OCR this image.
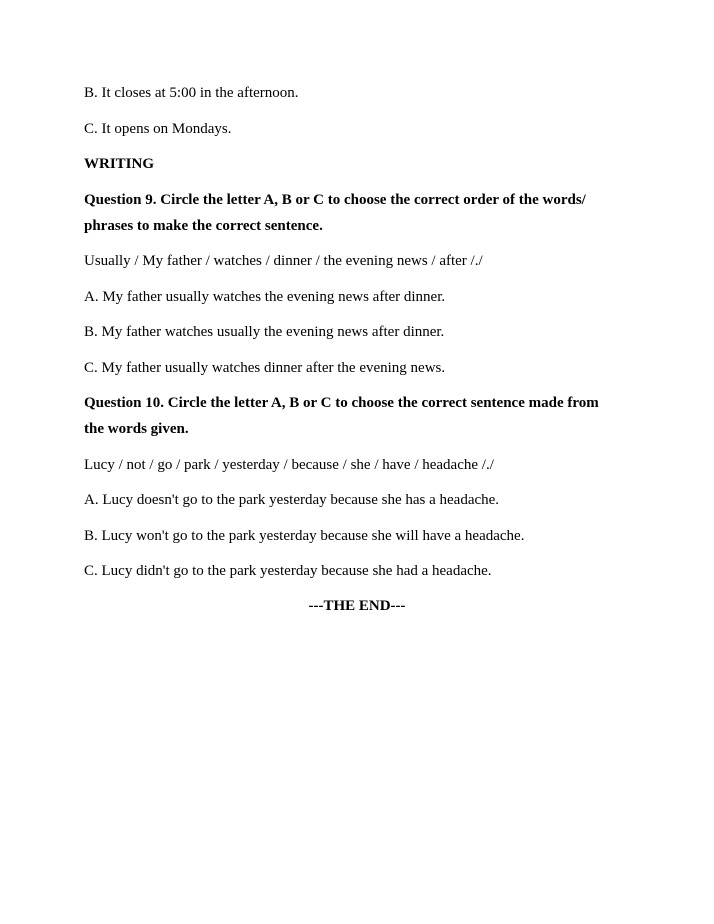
B. It closes at 5:00 in the afternoon.
C. It opens on Mondays.
WRITING
Question 9. Circle the letter A, B or C to choose the correct order of the words/
phrases to make the correct sentence.
Usually / My father / watches / dinner / the evening news / after /./
A. My father usually watches the evening news after dinner.
B. My father watches usually the evening news after dinner.
C. My father usually watches dinner after the evening news.
Question 10. Circle the letter A, B or C to choose the correct sentence made from
the words given.
Lucy / not / go / park / yesterday / because / she / have / headache /./
A. Lucy doesn't go to the park yesterday because she has a headache.
B. Lucy won't go to the park yesterday because she will have a headache.
C. Lucy didn't go to the park yesterday because she had a headache.
---THE END---
